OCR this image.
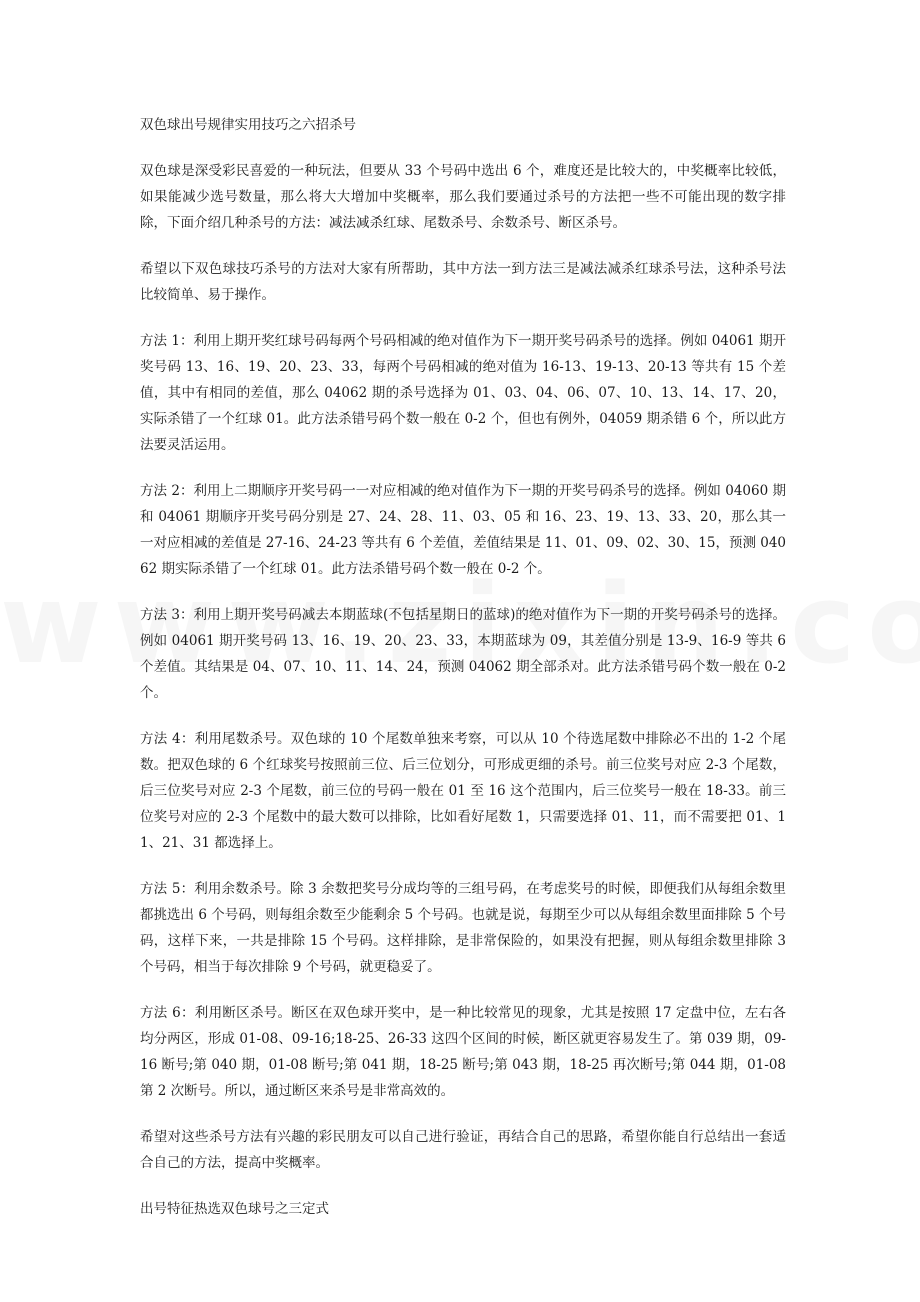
双色球出号规律实用技巧之六招杀号

双色球是深受彩民喜爱的一种玩法，但要从 33 个号码中选出 6 个，难度还是比较大的，中奖概率比较低，如果能减少选号数量，那么将大大增加中奖概率，那么我们要通过杀号的方法把一些不可能出现的数字排除，下面介绍几种杀号的方法：减法减杀红球、尾数杀号、余数杀号、断区杀号。

希望以下双色球技巧杀号的方法对大家有所帮助，其中方法一到方法三是减法减杀红球杀号法，这种杀号法比较简单、易于操作。

方法 1：利用上期开奖红球号码每两个号码相减的绝对值作为下一期开奖号码杀号的选择。例如 04061 期开奖号码 13、16、19、20、23、33，每两个号码相减的绝对值为 16-13、19-13、20-13 等共有 15 个差值，其中有相同的差值，那么 04062 期的杀号选择为 01、03、04、06、07、10、13、14、17、20，实际杀错了一个红球 01。此方法杀错号码个数一般在 0-2 个，但也有例外，04059 期杀错 6 个，所以此方法要灵活运用。

方法 2：利用上二期顺序开奖号码一一对应相减的绝对值作为下一期的开奖号码杀号的选择。例如 04060 期和 04061 期顺序开奖号码分别是 27、24、28、11、03、05 和 16、23、19、13、33、20，那么其一一对应相减的差值是 27-16、24-23 等共有 6 个差值，差值结果是 11、01、09、02、30、15，预测 04062 期实际杀错了一个红球 01。此方法杀错号码个数一般在 0-2 个。

方法 3：利用上期开奖号码减去本期蓝球(不包括星期日的蓝球)的绝对值作为下一期的开奖号码杀号的选择。例如 04061 期开奖号码 13、16、19、20、23、33，本期蓝球为 09，其差值分别是 13-9、16-9 等共 6 个差值。其结果是 04、07、10、11、14、24，预测 04062 期全部杀对。此方法杀错号码个数一般在 0-2 个。

方法 4：利用尾数杀号。双色球的 10 个尾数单独来考察，可以从 10 个待选尾数中排除必不出的 1-2 个尾数。把双色球的 6 个红球奖号按照前三位、后三位划分，可形成更细的杀号。前三位奖号对应 2-3 个尾数，后三位奖号对应 2-3 个尾数，前三位的号码一般在 01 至 16 这个范围内，后三位奖号一般在 18-33。前三位奖号对应的 2-3 个尾数中的最大数可以排除，比如看好尾数 1，只需要选择 01、11，而不需要把 01、11、21、31 都选择上。

方法 5：利用余数杀号。除 3 余数把奖号分成均等的三组号码，在考虑奖号的时候，即便我们从每组余数里都挑选出 6 个号码，则每组余数至少能剩余 5 个号码。也就是说，每期至少可以从每组余数里面排除 5 个号码，这样下来，一共是排除 15 个号码。这样排除，是非常保险的，如果没有把握，则从每组余数里排除 3 个号码，相当于每次排除 9 个号码，就更稳妥了。

方法 6：利用断区杀号。断区在双色球开奖中，是一种比较常见的现象，尤其是按照 17 定盘中位，左右各均分两区，形成 01-08、09-16;18-25、26-33 这四个区间的时候，断区就更容易发生了。第 039 期，09-16 断号;第 040 期，01-08 断号;第 041 期，18-25 断号;第 043 期，18-25 再次断号;第 044 期，01-08 第 2 次断号。所以，通过断区来杀号是非常高效的。

希望对这些杀号方法有兴趣的彩民朋友可以自己进行验证，再结合自己的思路，希望你能自行总结出一套适合自己的方法，提高中奖概率。

出号特征热选双色球号之三定式
